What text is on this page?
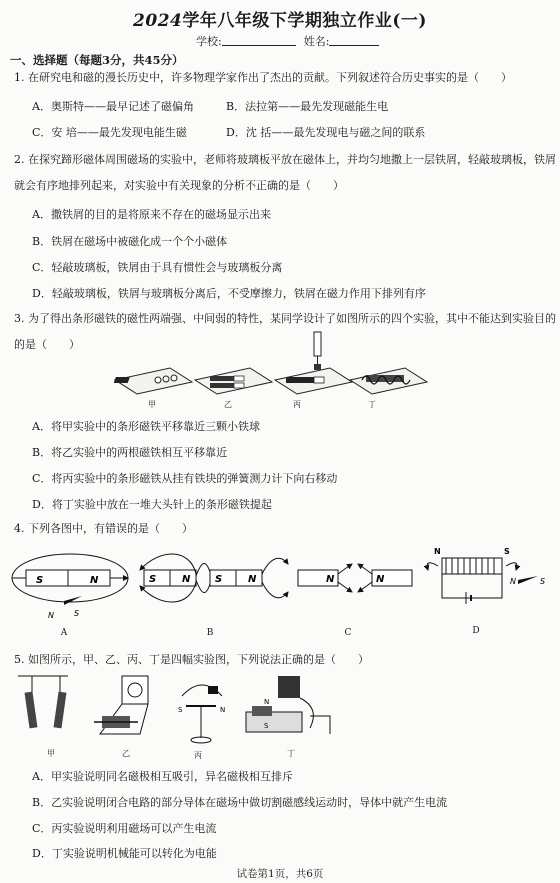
2024学年八年级下学期独立作业(一)
学校:	姓名:
一、选择题（每题3分，共45分）
1. 在研究电和磁的漫长历史中，许多物理学家作出了杰出的贡献。下列叙述符合历史事实的是（　　）
A．奥斯特——最早记述了磁偏角	B．法拉第——最先发现磁能生电
C．安 培——最先发现电能生磁	D．沈 括——最先发现电与磁之间的联系
2. 在探究蹄形磁体周围磁场的实验中，老师将玻璃板平放在磁体上，并均匀地撒上一层铁屑，轻敲玻璃板，铁屑
就会有序地排列起来，对实验中有关现象的分析不正确的是（　　）
A．撒铁屑的目的是将原来不存在的磁场显示出来
B．铁屑在磁场中被磁化成一个个小磁体
C．轻敲玻璃板，铁屑由于具有惯性会与玻璃板分离
D．轻敲玻璃板，铁屑与玻璃板分离后，不受摩擦力，铁屑在磁力作用下排列有序
3. 为了得出条形磁铁的磁性两端强、中间弱的特性，某同学设计了如图所示的四个实验，其中不能达到实验目的
的是（　　）
甲	乙	丙	丁
A．将甲实验中的条形磁铁平移靠近三颗小铁球
B．将乙实验中的两根磁铁相互平移靠近
C．将丙实验中的条形磁铁从挂有铁块的弹簧测力计下向右移动
D．将丁实验中放在一堆大头针上的条形磁铁提起
4. 下列各图中，有错误的是（　　）
S	N
N	S
S	N S	N	N	N
N	S
N	S
A	B	C	D
5. 如图所示，甲、乙、丙、丁是四幅实验图，下列说法正确的是（　　）
S	N
N
S
甲	乙	丙	丁
A．甲实验说明同名磁极相互吸引，异名磁极相互排斥
B．乙实验说明闭合电路的部分导体在磁场中做切割磁感线运动时，导体中就产生电流
C．丙实验说明利用磁场可以产生电流
D．丁实验说明机械能可以转化为电能
试卷第1页，共6页
